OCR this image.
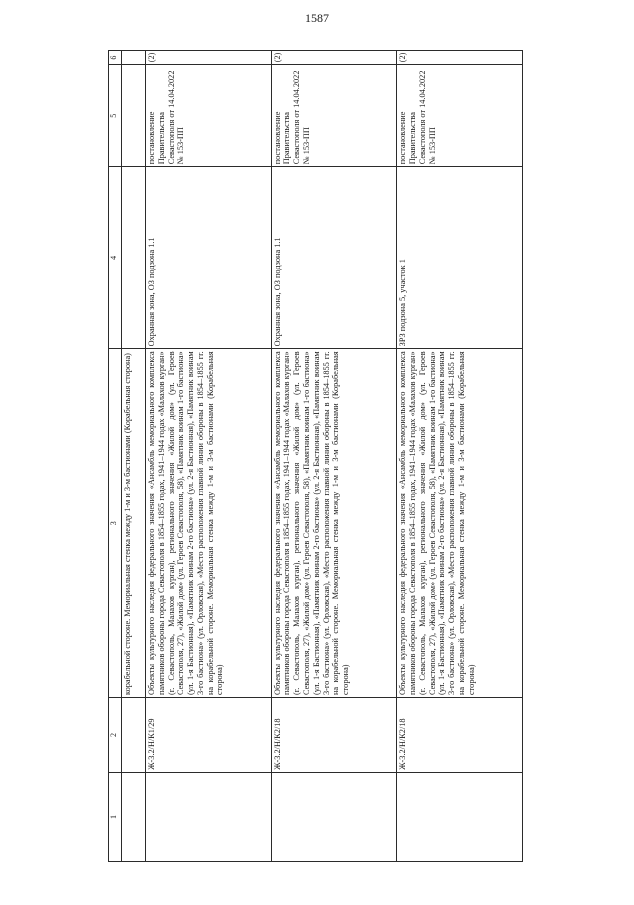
1587
1	2	3	4	5	6
		корабельной стороне. Мемориальная стенка между 1-м и 3-м бастионами (Корабельная сторона)			
	Ж-3.2/Н/К1/29	Объекты культурного наследия федерального значения «Ансамбль мемориального комплекса памятников обороны города Севастополя в 1854–1855 годах, 1941–1944 годах «Малахов курган» (г. Севастополь, Малахов курган), регионального значения «Жилой дом» (ул. Героев Севастополя, 27), «Жилой дом» (ул. Героев Севастополя, 58), «Памятник воинам 1-го бастиона» (ул. 1-я Бастионная), «Памятник воинам 2-го бастиона» (ул. 2-я Бастионная), «Памятник воинам 3-го бастиона» (ул. Орловская), «Место расположения главной линии обороны в 1854–1855 гг. на корабельной стороне. Мемориальная стенка между 1-м и 3-м бастионами (Корабельная сторона)	Охранная зона, ОЗ подзона 1.1	постановление Правительства Севастополя от 14.04.2022 № 153-ПП	(2)
	Ж-3.2/Н/К2/18	Объекты культурного наследия федерального значения «Ансамбль мемориального комплекса памятников обороны города Севастополя в 1854–1855 годах, 1941–1944 годах «Малахов курган» (г. Севастополь, Малахов курган), регионального значения «Жилой дом» (ул. Героев Севастополя, 27), «Жилой дом» (ул. Героев Севастополя, 58), «Памятник воинам 1-го бастиона» (ул. 1-я Бастионная), «Памятник воинам 2-го бастиона» (ул. 2-я Бастионная), «Памятник воинам 3-го бастиона» (ул. Орловская), «Место расположения главной линии обороны в 1854–1855 гг. на корабельной стороне. Мемориальная стенка между 1-м и 3-м бастионами (Корабельная сторона)	Охранная зона, ОЗ подзона 1.1	постановление Правительства Севастополя от 14.04.2022 № 153-ПП	(2)
	Ж-3.2/Н/К2/18	Объекты культурного наследия федерального значения «Ансамбль мемориального комплекса памятников обороны города Севастополя в 1854–1855 годах, 1941–1944 годах «Малахов курган» (г. Севастополь, Малахов курган), регионального значения «Жилой дом» (ул. Героев Севастополя, 27), «Жилой дом» (ул. Героев Севастополя, 58), «Памятник воинам 1-го бастиона» (ул. 1-я Бастионная), «Памятник воинам 2-го бастиона» (ул. 2-я Бастионная), «Памятник воинам 3-го бастиона» (ул. Орловская), «Место расположения главной линии обороны в 1854–1855 гг. на корабельной стороне. Мемориальная стенка между 1-м и 3-м бастионами (Корабельная сторона)	ЗРЗ подзона 5, участок 1	постановление Правительства Севастополя от 14.04.2022 № 153-ПП	(2)
